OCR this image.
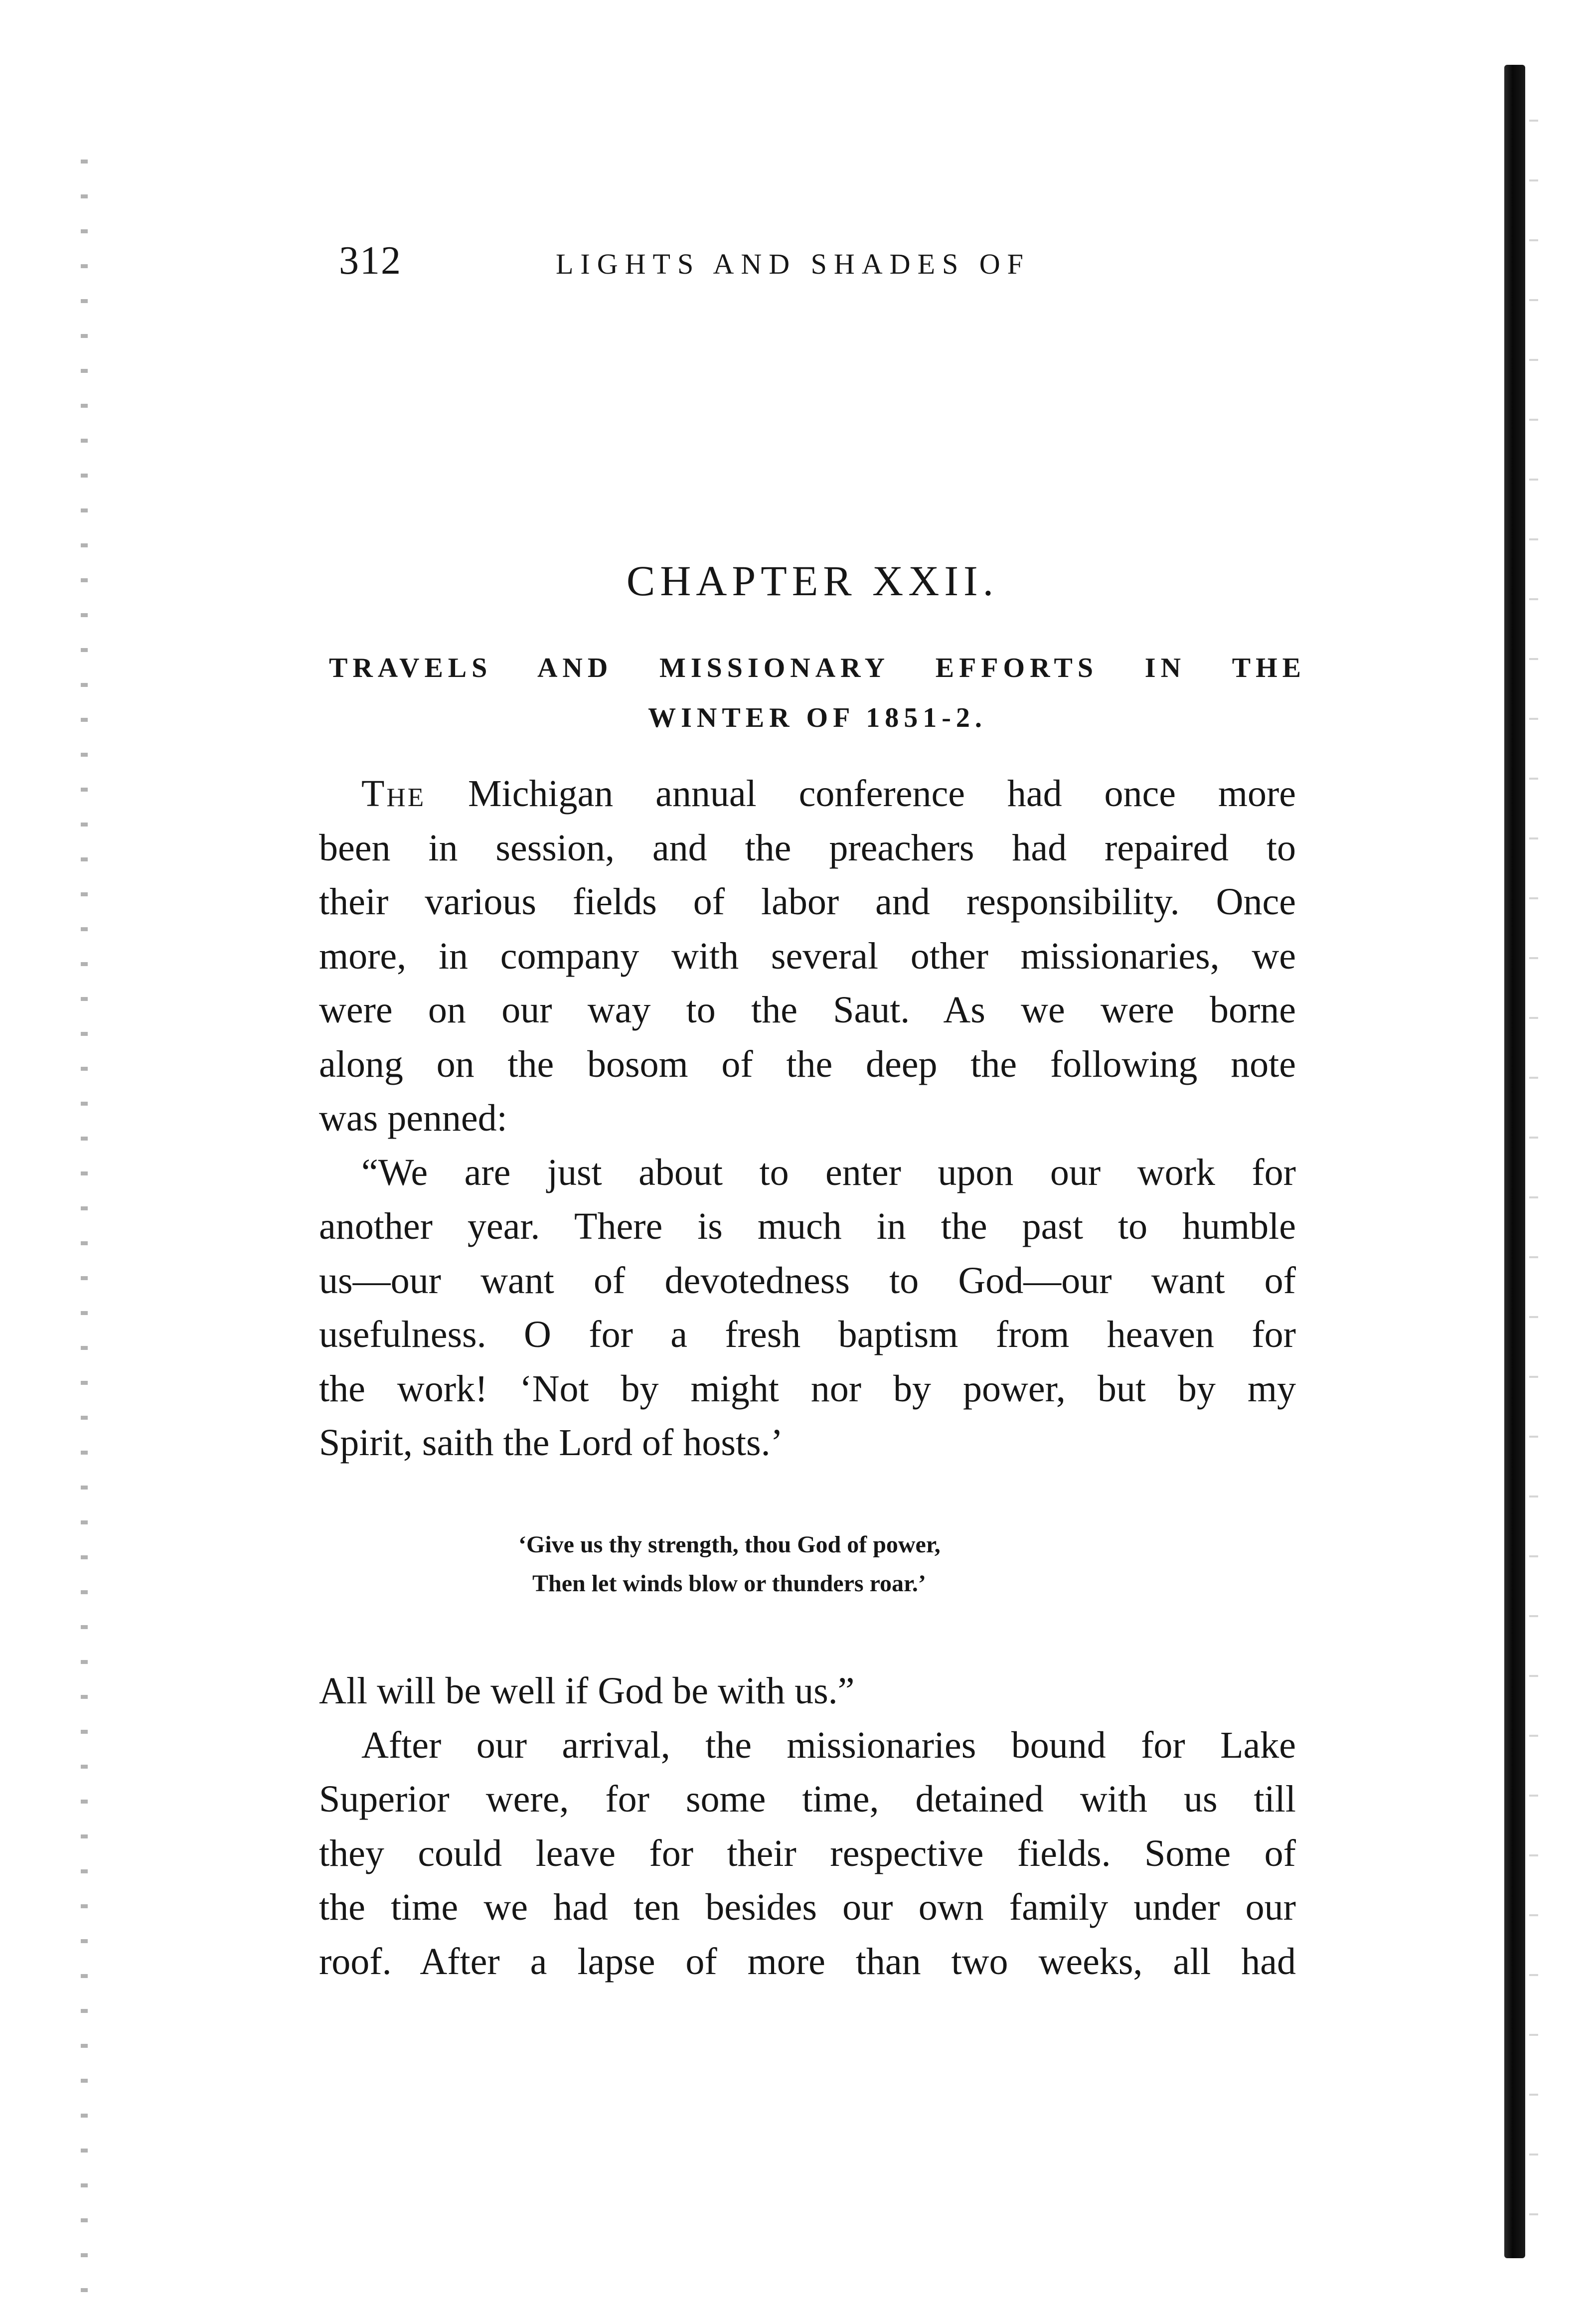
312	LIGHTS AND SHADES OF
CHAPTER XXII.
TRAVELS AND MISSIONARY EFFORTS IN THE
WINTER OF 1851-2.
The Michigan annual conference had once more
been in session, and the preachers had repaired to
their various fields of labor and responsibility. Once
more, in company with several other missionaries, we
were on our way to the Saut. As we were borne
along on the bosom of the deep the following note
was penned:
“We are just about to enter upon our work for
another year. There is much in the past to humble
us—our want of devotedness to God—our want of
usefulness. O for a fresh baptism from heaven for
the work! ‘Not by might nor by power, but by my
Spirit, saith the Lord of hosts.’
‘Give us thy strength, thou God of power,
Then let winds blow or thunders roar.’
All will be well if God be with us.”
After our arrival, the missionaries bound for Lake
Superior were, for some time, detained with us till
they could leave for their respective fields. Some of
the time we had ten besides our own family under our
roof. After a lapse of more than two weeks, all had
